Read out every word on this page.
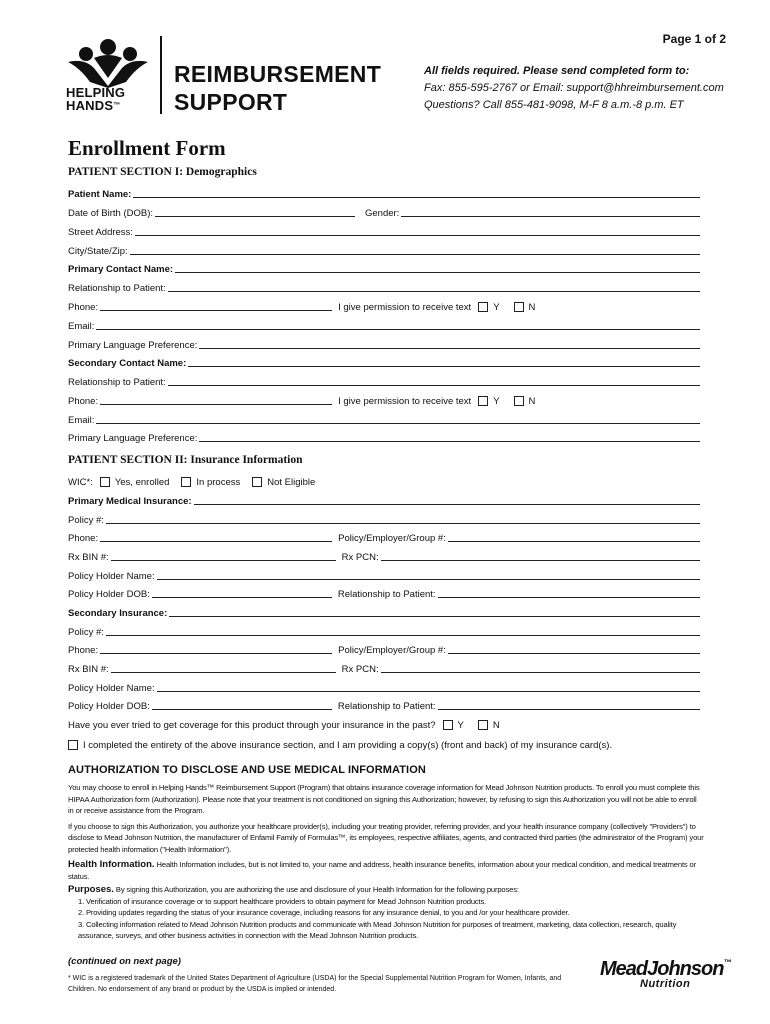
Page 1 of 2
HELPING
HANDS™
REIMBURSEMENT
SUPPORT
All fields required. Please send completed form to:
Fax: 855-595-2767 or Email: support@hhreimbursement.com
Questions? Call 855-481-9098, M-F 8 a.m.-8 p.m. ET
Enrollment Form
PATIENT SECTION I: Demographics
Patient Name:
Date of Birth (DOB):	Gender:
Street Address:
City/State/Zip:
Primary Contact Name:
Relationship to Patient:
Phone:	I give permission to receive text Y	N
Email:
Primary Language Preference:
Secondary Contact Name:
Relationship to Patient:
Phone:	I give permission to receive text Y	N
Email:
Primary Language Preference:
PATIENT SECTION II: Insurance Information
WIC*: Yes, enrolled	In process	Not Eligible
Primary Medical Insurance:
Policy #:
Phone:	Policy/Employer/Group #:
Rx BIN #:	Rx PCN:
Policy Holder Name:
Policy Holder DOB:	Relationship to Patient:
Secondary Insurance:
Policy #:
Phone:	Policy/Employer/Group #:
Rx BIN #:	Rx PCN:
Policy Holder Name:
Policy Holder DOB:	Relationship to Patient:
Have you ever tried to get coverage for this product through your insurance in the past? Y	N
I completed the entirety of the above insurance section, and I am providing a copy(s) (front and back) of my insurance card(s).
AUTHORIZATION TO DISCLOSE AND USE MEDICAL INFORMATION

You may choose to enroll in Helping Hands™ Reimbursement Support (Program) that obtains insurance coverage information for Mead Johnson Nutrition products. To enroll you must complete this HIPAA Authorization form (Authorization). Please note that your treatment is not conditioned on signing this Authorization; however, by refusing to sign this Authorization you will not be able to enroll in or receive assistance from the Program.

If you choose to sign this Authorization, you authorize your healthcare provider(s), including your treating provider, referring provider, and your health insurance company (collectively "Providers") to disclose to Mead Johnson Nutrition, the manufacturer of Enfamil Family of Formulas™, its employees, respective affiliates, agents, and contracted third parties (the administrator of the Program) your protected health information ("Health Information").

Health Information. Health Information includes, but is not limited to, your name and address, health insurance benefits, information about your medical condition, and medical treatments or status.

Purposes. By signing this Authorization, you are authorizing the use and disclosure of your Health Information for the following purposes:

1. Verification of insurance coverage or to support healthcare providers to obtain payment for Mead Johnson Nutrition products.
2. Providing updates regarding the status of your insurance coverage, including reasons for any insurance denial, to you and /or your healthcare provider.
3. Collecting information related to Mead Johnson Nutrition products and communicate with Mead Johnson Nutrition for purposes of treatment, marketing, data collection, research, quality assurance, surveys, and other business activities in connection with the Mead Johnson Nutrition products.
(continued on next page)
* WIC is a registered trademark of the United States Department of Agriculture (USDA) for the Special Supplemental Nutrition Program for Women, Infants, and Children. No endorsement of any brand or product by the USDA is implied or intended.
MeadJohnson™
Nutrition
